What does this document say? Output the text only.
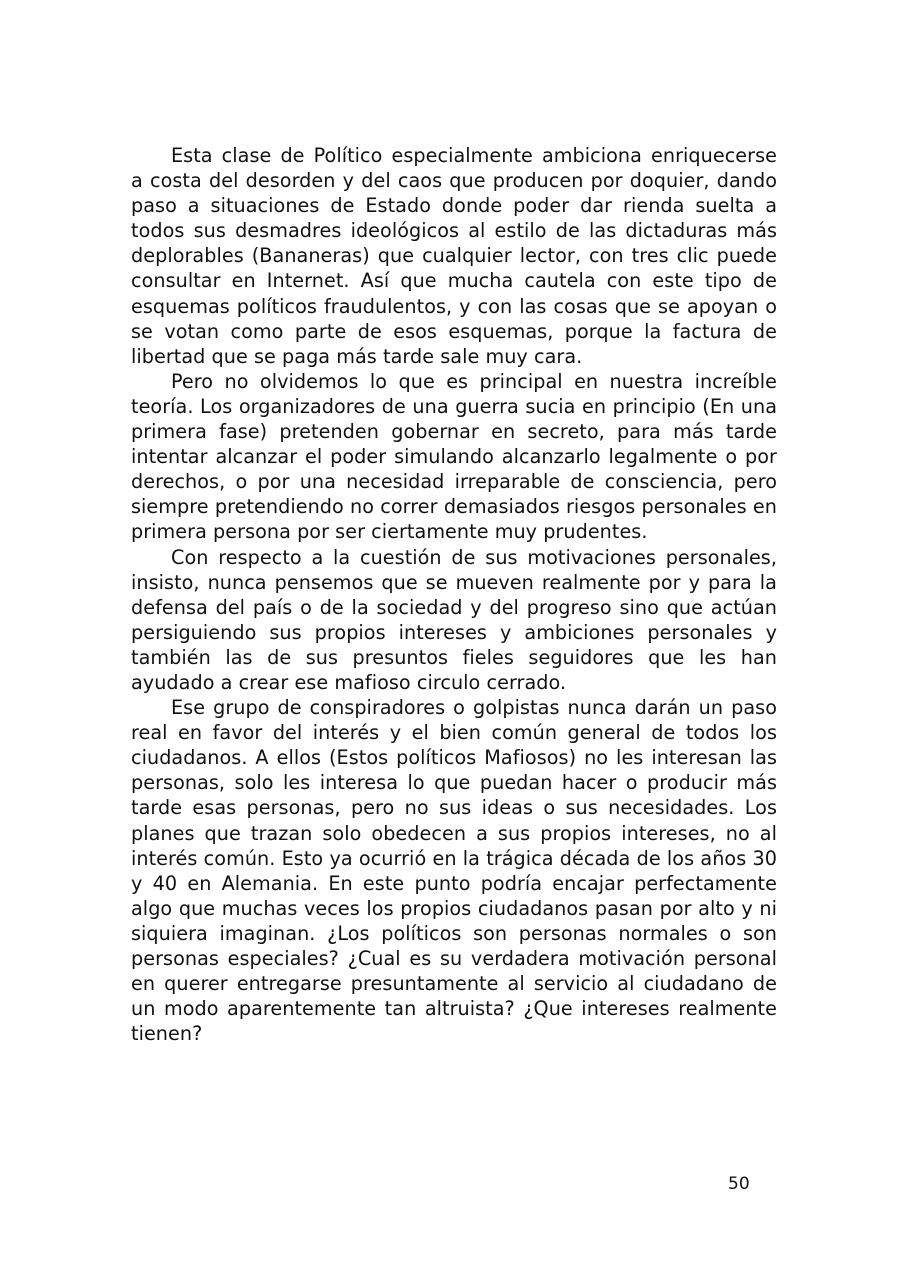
Esta clase de Político especialmente ambiciona enriquecerse a costa del desorden y del caos que producen por doquier, dando paso a situaciones de Estado donde poder dar rienda suelta a todos sus desmadres ideológicos al estilo de las dictaduras más deplorables (Bananeras) que cualquier lector, con tres clic puede consultar en Internet. Así que mucha cautela con este tipo de esquemas políticos fraudulentos, y con las cosas que se apoyan o se votan como parte de esos esquemas, porque la factura de libertad que se paga más tarde sale muy cara.

Pero no olvidemos lo que es principal en nuestra increíble teoría. Los organizadores de una guerra sucia en principio (En una primera fase) pretenden gobernar en secreto, para más tarde intentar alcanzar el poder simulando alcanzarlo legalmente o por derechos, o por una necesidad irreparable de consciencia, pero siempre pretendiendo no correr demasiados riesgos personales en primera persona por ser ciertamente muy prudentes.

Con respecto a la cuestión de sus motivaciones personales, insisto, nunca pensemos que se mueven realmente por y para la defensa del país o de la sociedad y del progreso sino que actúan persiguiendo sus propios intereses y ambiciones personales y también las de sus presuntos fieles seguidores que les han ayudado a crear ese mafioso circulo cerrado.

Ese grupo de conspiradores o golpistas nunca darán un paso real en favor del interés y el bien común general de todos los ciudadanos. A ellos (Estos políticos Mafiosos) no les interesan las personas, solo les interesa lo que puedan hacer o producir más tarde esas personas, pero no sus ideas o sus necesidades. Los planes que trazan solo obedecen a sus propios intereses, no al interés común. Esto ya ocurrió en la trágica década de los años 30 y 40 en Alemania. En este punto podría encajar perfectamente algo que muchas veces los propios ciudadanos pasan por alto y ni siquiera imaginan. ¿Los políticos son personas normales o son personas especiales? ¿Cual es su verdadera motivación personal en querer entregarse presuntamente al servicio al ciudadano de un modo aparentemente tan altruista? ¿Que intereses realmente tienen?

50
